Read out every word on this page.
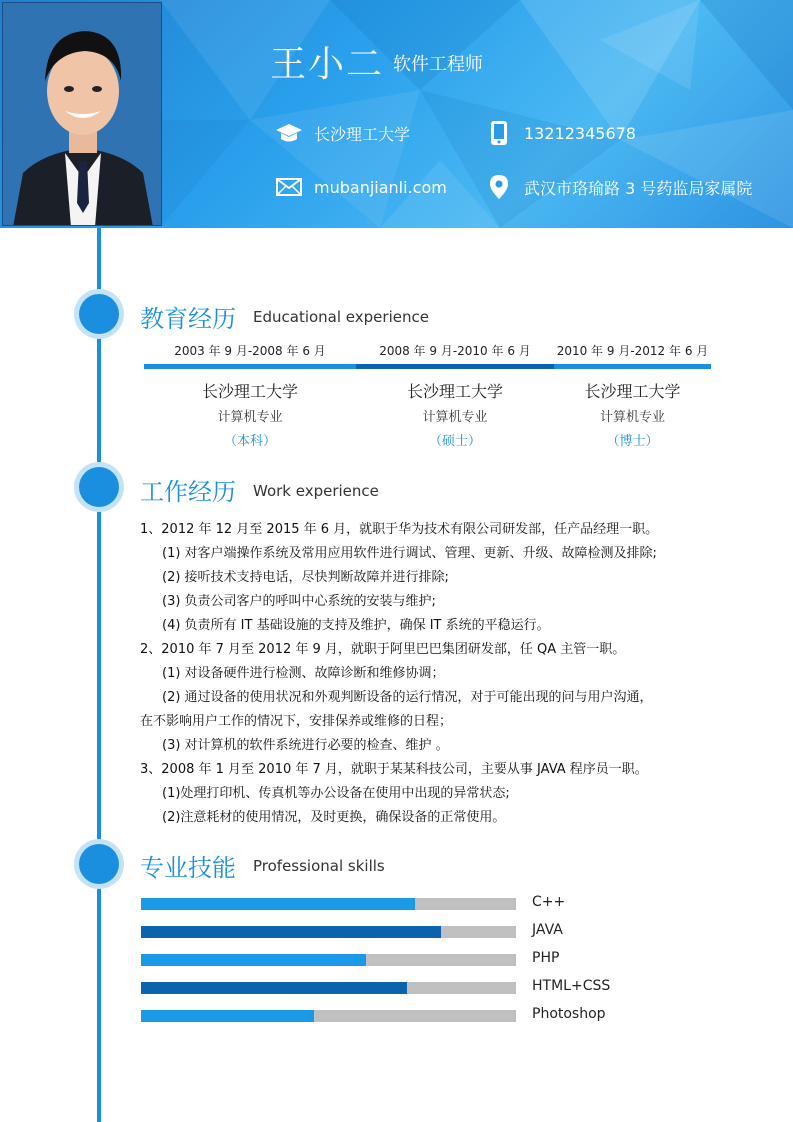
王小二 软件工程师
长沙理工大学	13212345678
mubanjianli.com	武汉市珞瑜路 3 号药监局家属院
教育经历 Educational experience
2003 年 9 月-2008 年 6 月	2008 年 9 月-2010 年 6 月	2010 年 9 月-2012 年 6 月
长沙理工大学	长沙理工大学	长沙理工大学
计算机专业	计算机专业	计算机专业
（本科）	（硕士）	（博士）
工作经历 Work experience
1、2012 年 12 月至 2015 年 6 月，就职于华为技术有限公司研发部，任产品经理一职。
(1) 对客户端操作系统及常用应用软件进行调试、管理、更新、升级、故障检测及排除;
(2) 接听技术支持电话，尽快判断故障并进行排除;
(3) 负责公司客户的呼叫中心系统的安装与维护;
(4) 负责所有 IT 基础设施的支持及维护，确保 IT 系统的平稳运行。
2、2010 年 7 月至 2012 年 9 月，就职于阿里巴巴集团研发部，任 QA 主管一职。
(1) 对设备硬件进行检测、故障诊断和维修协调；
(2) 通过设备的使用状况和外观判断设备的运行情况，对于可能出现的问与用户沟通，
在不影响用户工作的情况下，安排保养或维修的日程；
(3) 对计算机的软件系统进行必要的检查、维护 。
3、2008 年 1 月至 2010 年 7 月，就职于某某科技公司，主要从事 JAVA 程序员一职。
(1)处理打印机、传真机等办公设备在使用中出现的异常状态;
(2)注意耗材的使用情况，及时更换，确保设备的正常使用。
专业技能 Professional skills
C++
JAVA
PHP
HTML+CSS
Photoshop
